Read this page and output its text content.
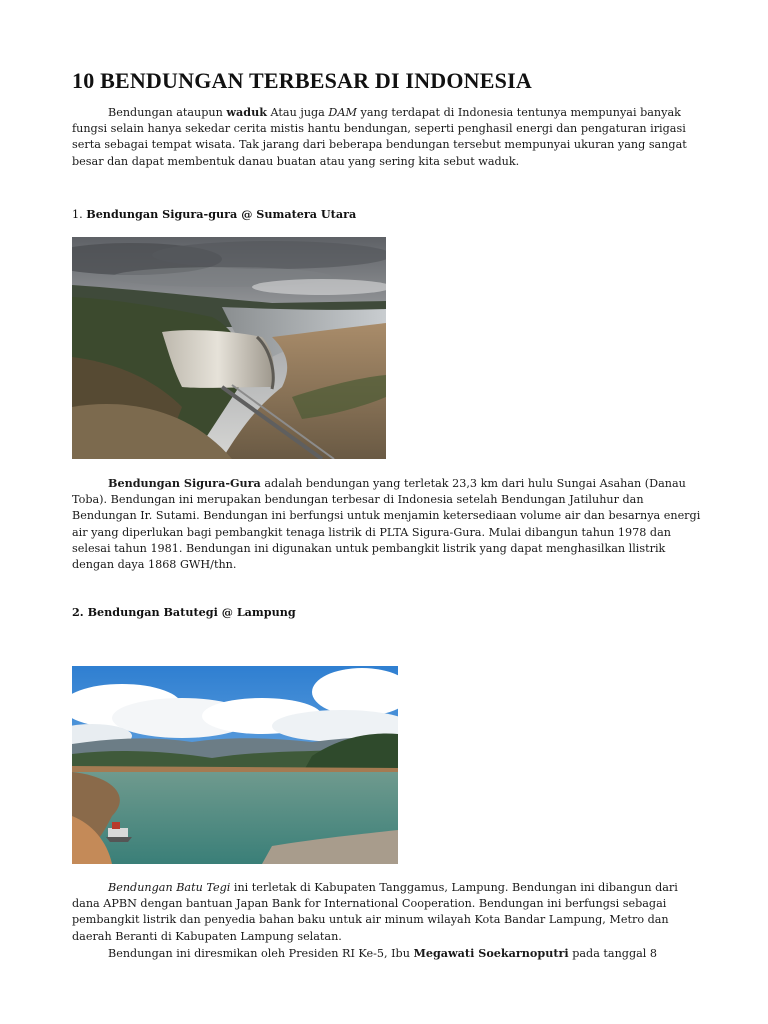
10 BENDUNGAN TERBESAR DI INDONESIA

Bendungan ataupun waduk Atau juga DAM yang terdapat di Indonesia tentunya mempunyai banyak fungsi selain hanya sekedar cerita mistis hantu bendungan, seperti penghasil energi dan pengaturan irigasi serta sebagai tempat wisata. Tak jarang dari beberapa bendungan tersebut mempunyai ukuran yang sangat besar dan dapat membentuk danau buatan atau yang sering kita sebut waduk.

1. Bendungan Sigura-gura @ Sumatera Utara

Bendungan Sigura-Gura adalah bendungan yang terletak 23,3 km dari hulu Sungai Asahan (Danau Toba). Bendungan ini merupakan bendungan terbesar di Indonesia setelah Bendungan Jatiluhur dan Bendungan Ir. Sutami. Bendungan ini berfungsi untuk menjamin ketersediaan volume air dan besarnya energi air yang diperlukan bagi pembangkit tenaga listrik di PLTA Sigura-Gura. Mulai dibangun tahun 1978 dan selesai tahun 1981. Bendungan ini digunakan untuk pembangkit listrik yang dapat menghasilkan llistrik dengan daya 1868 GWH/thn.

2. Bendungan Batutegi @ Lampung

Bendungan Batu Tegi ini terletak di Kabupaten Tanggamus, Lampung. Bendungan ini dibangun dari dana APBN dengan bantuan Japan Bank for International Cooperation. Bendungan ini berfungsi sebagai pembangkit listrik dan penyedia bahan baku untuk air minum wilayah Kota Bandar Lampung, Metro dan daerah Beranti di Kabupaten Lampung selatan.

Bendungan ini diresmikan oleh Presiden RI Ke-5, Ibu Megawati Soekarnoputri pada tanggal 8
